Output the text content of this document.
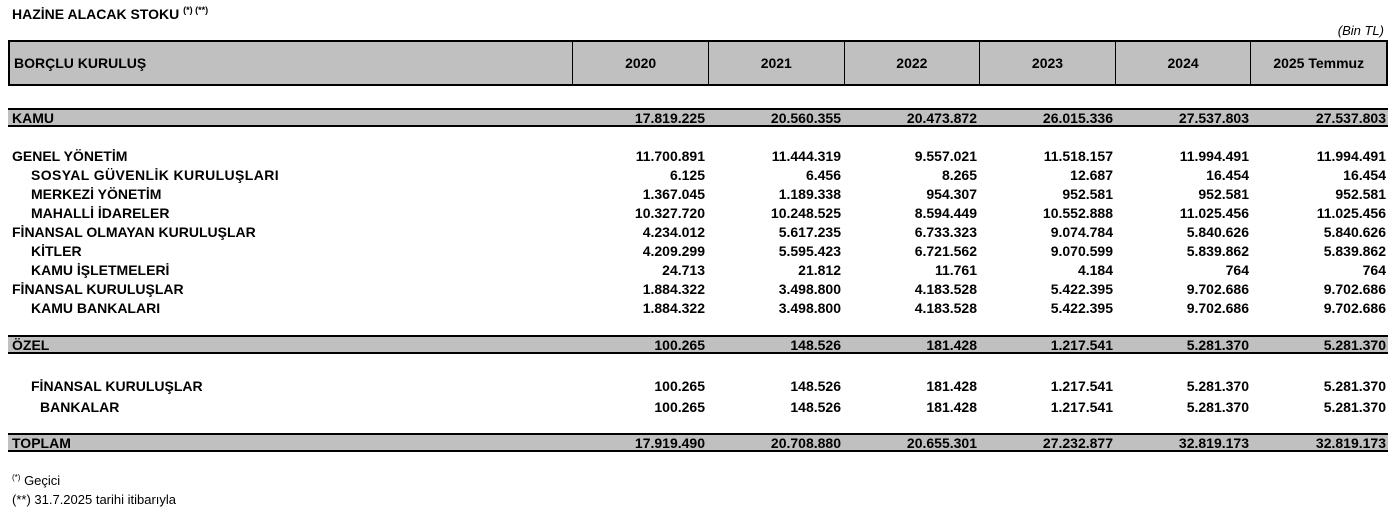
HAZİNE ALACAK STOKU (*) (**)
(Bin TL)
BORÇLU KURULUŞ	2020	2021	2022	2023	2024	2025 Temmuz
KAMU	17.819.225	20.560.355	20.473.872	26.015.336	27.537.803	27.537.803
GENEL YÖNETİM	11.700.891	11.444.319	9.557.021	11.518.157	11.994.491	11.994.491
SOSYAL GÜVENLİK KURULUŞLARI	6.125	6.456	8.265	12.687	16.454	16.454
MERKEZİ YÖNETİM	1.367.045	1.189.338	954.307	952.581	952.581	952.581
MAHALLİ İDARELER	10.327.720	10.248.525	8.594.449	10.552.888	11.025.456	11.025.456
FİNANSAL OLMAYAN KURULUŞLAR	4.234.012	5.617.235	6.733.323	9.074.784	5.840.626	5.840.626
KİTLER	4.209.299	5.595.423	6.721.562	9.070.599	5.839.862	5.839.862
KAMU İŞLETMELERİ	24.713	21.812	11.761	4.184	764	764
FİNANSAL KURULUŞLAR	1.884.322	3.498.800	4.183.528	5.422.395	9.702.686	9.702.686
KAMU BANKALARI	1.884.322	3.498.800	4.183.528	5.422.395	9.702.686	9.702.686
ÖZEL	100.265	148.526	181.428	1.217.541	5.281.370	5.281.370
FİNANSAL KURULUŞLAR	100.265	148.526	181.428	1.217.541	5.281.370	5.281.370
BANKALAR	100.265	148.526	181.428	1.217.541	5.281.370	5.281.370
TOPLAM	17.919.490	20.708.880	20.655.301	27.232.877	32.819.173	32.819.173
(*) Geçici
(**) 31.7.2025 tarihi itibarıyla
